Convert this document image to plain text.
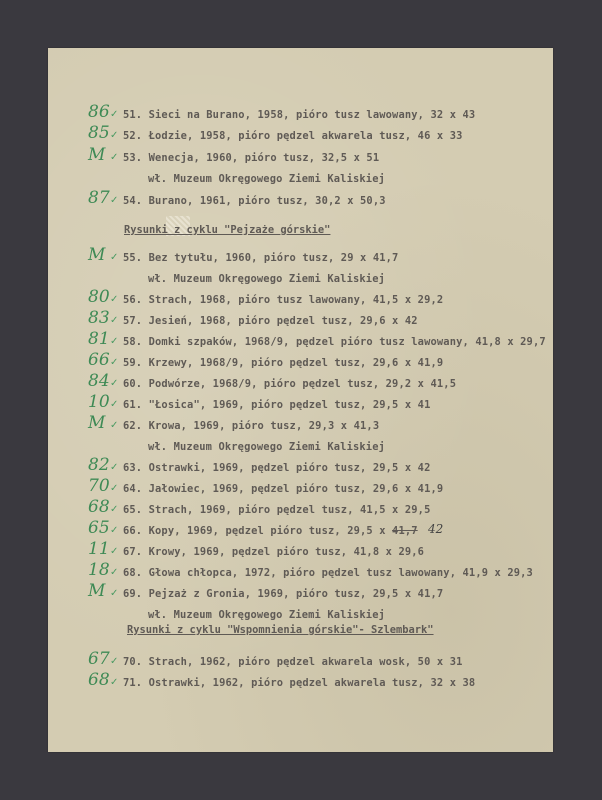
86 ✓ 51. Sieci na Burano, 1958, pióro tusz lawowany, 32 x 43
85 ✓ 52. Łodzie, 1958, pióro pędzel akwarela tusz, 46 x 33
M ✓ 53. Wenecja, 1960, pióro tusz, 32,5 x 51
wł. Muzeum Okręgowego Ziemi Kaliskiej
87 ✓ 54. Burano, 1961, pióro tusz, 30,2 x 50,3
Rysunki z cyklu "Pejzaże górskie"
M ✓ 55. Bez tytułu, 1960, pióro tusz, 29 x 41,7
wł. Muzeum Okręgowego Ziemi Kaliskiej
80 ✓ 56. Strach, 1968, pióro tusz lawowany, 41,5 x 29,2
83 ✓ 57. Jesień, 1968, pióro pędzel tusz, 29,6 x 42
81 ✓ 58. Domki szpaków, 1968/9, pędzel pióro tusz lawowany, 41,8 x 29,7
66 ✓ 59. Krzewy, 1968/9, pióro pędzel tusz, 29,6 x 41,9
84 ✓ 60. Podwórze, 1968/9, pióro pędzel tusz, 29,2 x 41,5
10 ✓ 61. "Łosica", 1969, pióro pędzel tusz, 29,5 x 41
M ✓ 62. Krowa, 1969, pióro tusz, 29,3 x 41,3
wł. Muzeum Okręgowego Ziemi Kaliskiej
82 ✓ 63. Ostrawki, 1969, pędzel pióro tusz, 29,5 x 42
70 ✓ 64. Jałowiec, 1969, pędzel pióro tusz, 29,6 x 41,9
68 ✓ 65. Strach, 1969, pióro pędzel tusz, 41,5 x 29,5
65 ✓	42
66. Kopy, 1969, pędzel pióro tusz, 29,5 x 41,7
11 ✓ 67. Krowy, 1969, pędzel pióro tusz, 41,8 x 29,6
18 ✓ 68. Głowa chłopca, 1972, pióro pędzel tusz lawowany, 41,9 x 29,3
M ✓ 69. Pejzaż z Gronia, 1969, pióro tusz, 29,5 x 41,7
wł. Muzeum Okręgowego Ziemi Kaliskiej
Rysunki z cyklu "Wspomnienia górskie"- Szlembark"
67 ✓ 70. Strach, 1962, pióro pędzel akwarela wosk, 50 x 31
68 ✓ 71. Ostrawki, 1962, pióro pędzel akwarela tusz, 32 x 38
